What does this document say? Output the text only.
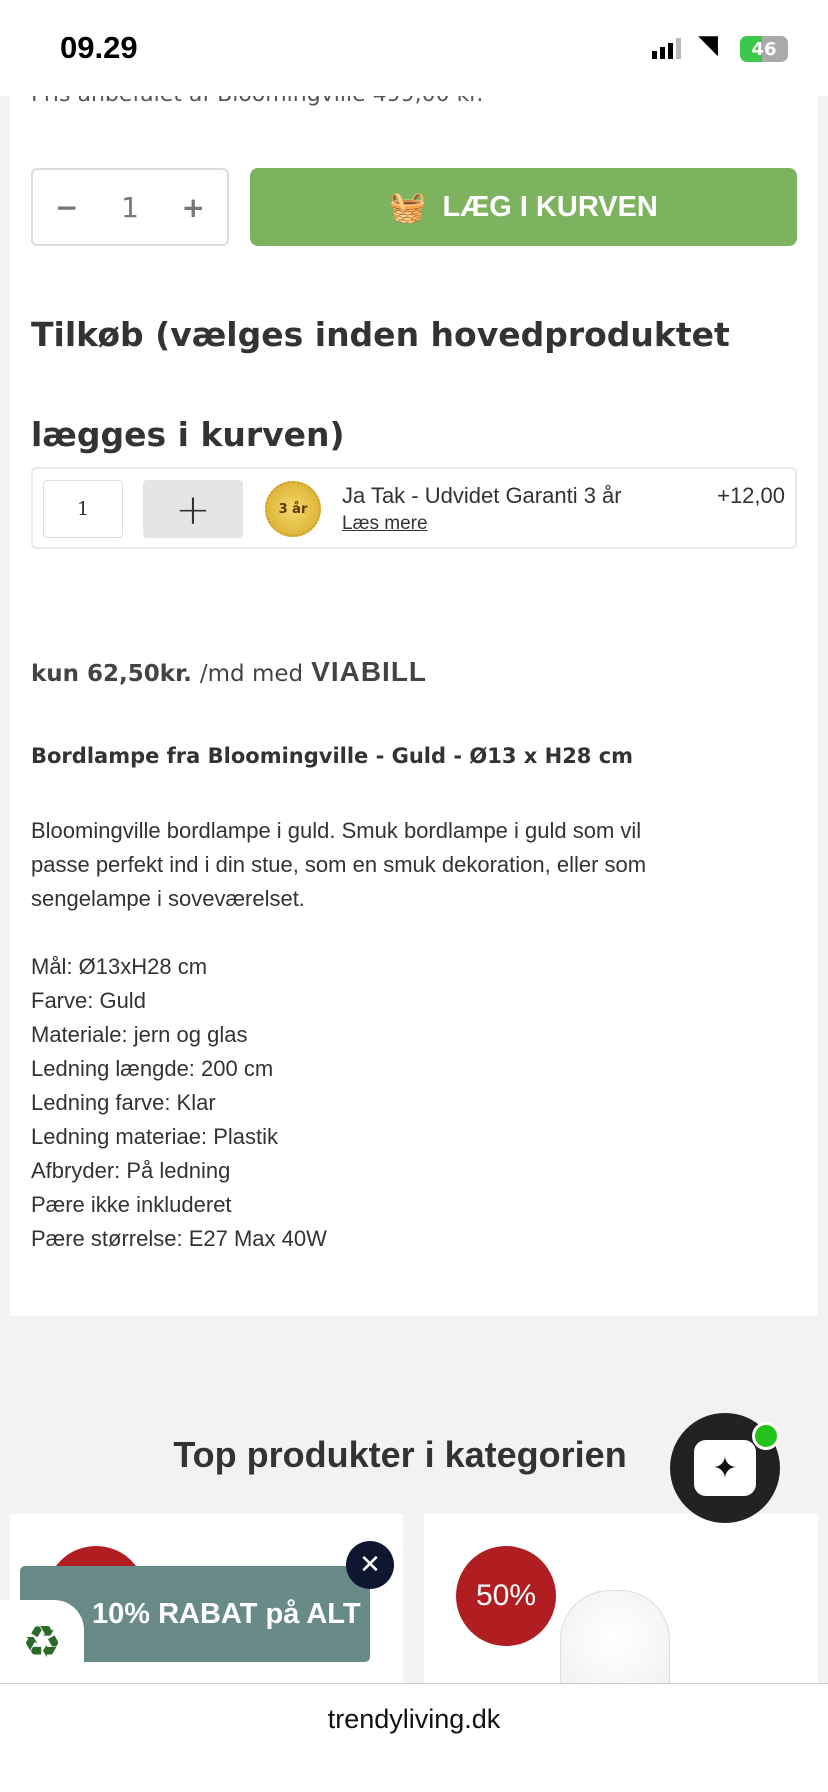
09.29	◥ 46
− 1 +	🧺 LÆG I KURVEN
Tilkøb (vælges inden hovedproduktet lægges i kurven)
1	+	3 år
Ja Tak - Udvidet Garanti 3 år
Læs mere
+12,00
kun 62,50kr. /md med VIABILL
Bordlampe fra Bloomingville - Guld - Ø13 x H28 cm
Bloomingville bordlampe i guld. Smuk bordlampe i guld som vil passe perfekt ind i din stue, som en smuk dekoration, eller som sengelampe i soveværelset.
Mål: Ø13xH28 cm
Farve: Guld
Materiale: jern og glas
Ledning længde: 200 cm
Ledning farve: Klar
Ledning materiae: Plastik
Afbryder: På ledning
Pære ikke inkluderet
Pære størrelse: E27 Max 40W
Top produkter i kategorien
50%
✦
10% RABAT på ALT
✕
♻
trendyliving.dk
